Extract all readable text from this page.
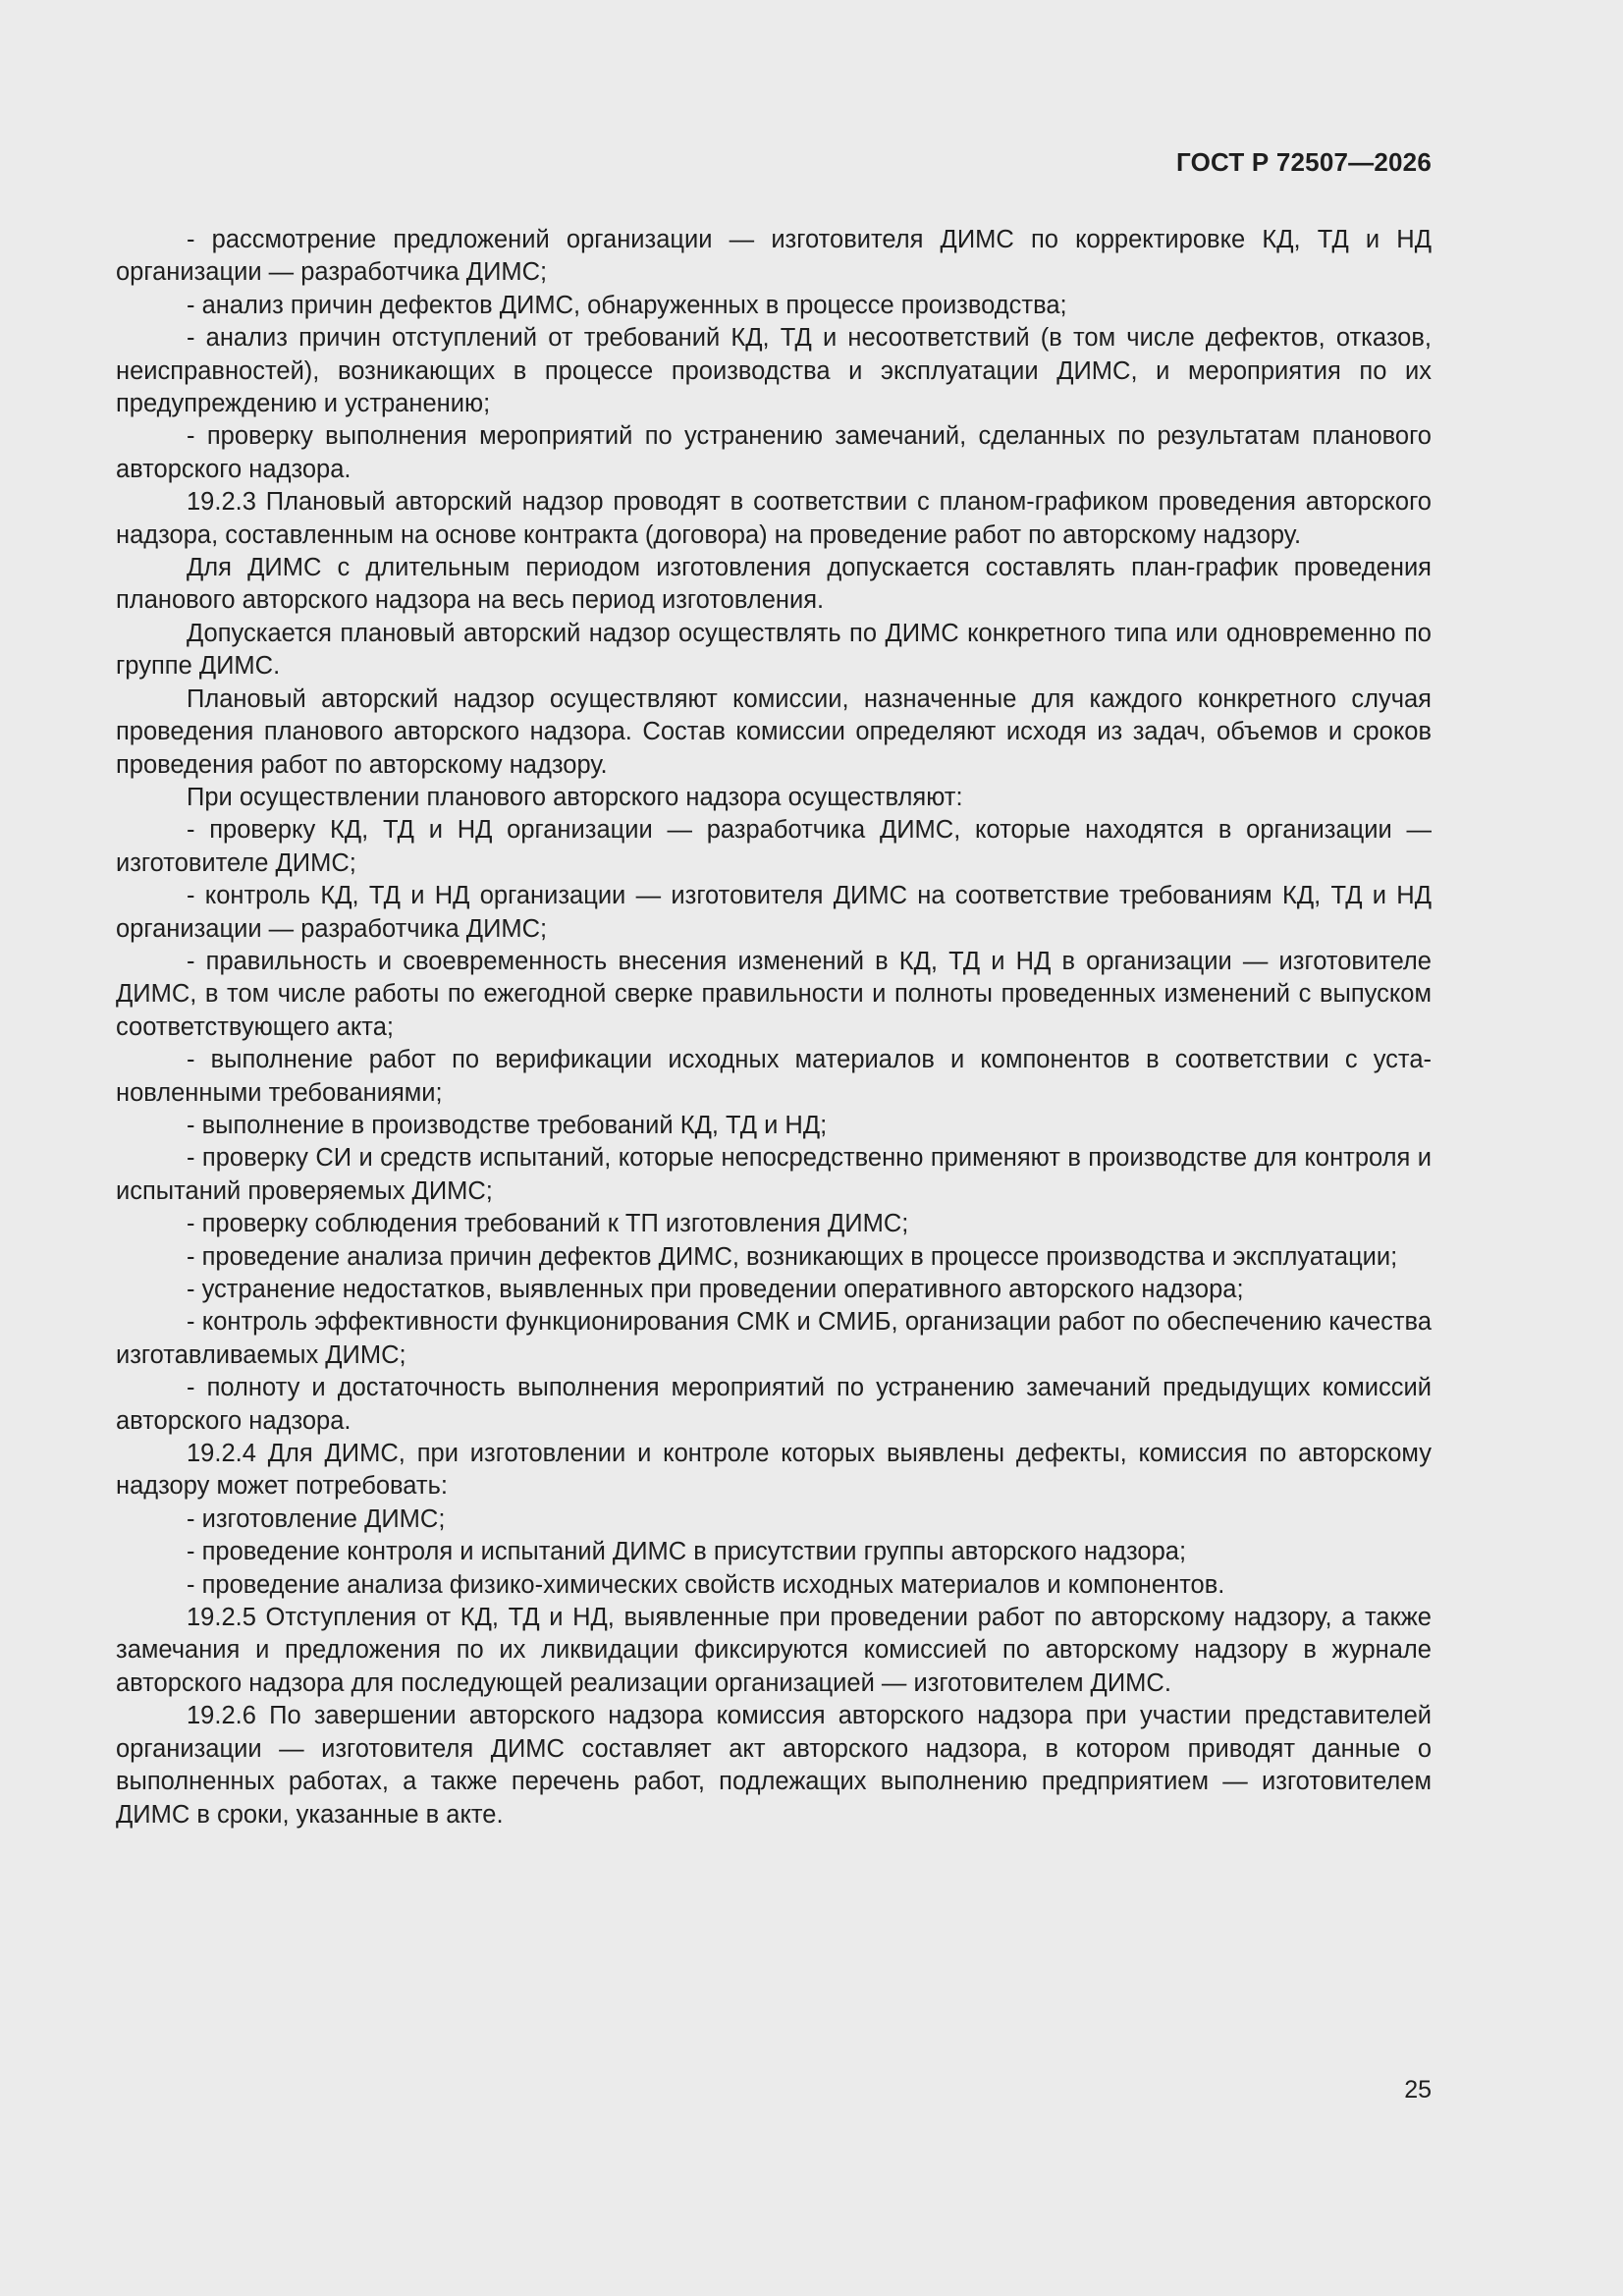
ГОСТ Р 72507—2026

- рассмотрение предложений организации — изготовителя ДИМС по корректировке КД, ТД и НД организации — разработчика ДИМС;

- анализ причин дефектов ДИМС, обнаруженных в процессе производства;

- анализ причин отступлений от требований КД, ТД и несоответствий (в том числе дефектов, отказов, неисправностей), возникающих в процессе производства и эксплуатации ДИМС, и мероприятия по их предупреждению и устранению;

- проверку выполнения мероприятий по устранению замечаний, сделанных по результатам планового авторского надзора.

19.2.3 Плановый авторский надзор проводят в соответствии с планом-графиком проведения авторского надзора, составленным на основе контракта (договора) на проведение работ по авторскому надзору.

Для ДИМС с длительным периодом изготовления допускается составлять план-график проведения планового авторского надзора на весь период изготовления.

Допускается плановый авторский надзор осуществлять по ДИМС конкретного типа или одновременно по группе ДИМС.

Плановый авторский надзор осуществляют комиссии, назначенные для каждого конкретного случая проведения планового авторского надзора. Состав комиссии определяют исходя из задач, объемов и сроков проведения работ по авторскому надзору.

При осуществлении планового авторского надзора осуществляют:

- проверку КД, ТД и НД организации — разработчика ДИМС, которые находятся в организации — изготовителе ДИМС;

- контроль КД, ТД и НД организации — изготовителя ДИМС на соответствие требованиям КД, ТД и НД организации — разработчика ДИМС;

- правильность и своевременность внесения изменений в КД, ТД и НД в организации — изготовителе ДИМС, в том числе работы по ежегодной сверке правильности и полноты проведенных изменений с выпуском соответствующего акта;

- выполнение работ по верификации исходных материалов и компонентов в соответствии с установленными требованиями;

- выполнение в производстве требований КД, ТД и НД;

- проверку СИ и средств испытаний, которые непосредственно применяют в производстве для контроля и испытаний проверяемых ДИМС;

- проверку соблюдения требований к ТП изготовления ДИМС;

- проведение анализа причин дефектов ДИМС, возникающих в процессе производства и эксплуатации;

- устранение недостатков, выявленных при проведении оперативного авторского надзора;

- контроль эффективности функционирования СМК и СМИБ, организации работ по обеспечению качества изготавливаемых ДИМС;

- полноту и достаточность выполнения мероприятий по устранению замечаний предыдущих комиссий авторского надзора.

19.2.4 Для ДИМС, при изготовлении и контроле которых выявлены дефекты, комиссия по авторскому надзору может потребовать:

- изготовление ДИМС;

- проведение контроля и испытаний ДИМС в присутствии группы авторского надзора;

- проведение анализа физико-химических свойств исходных материалов и компонентов.

19.2.5 Отступления от КД, ТД и НД, выявленные при проведении работ по авторскому надзору, а также замечания и предложения по их ликвидации фиксируются комиссией по авторскому надзору в журнале авторского надзора для последующей реализации организацией — изготовителем ДИМС.

19.2.6 По завершении авторского надзора комиссия авторского надзора при участии представителей организации — изготовителя ДИМС составляет акт авторского надзора, в котором приводят данные о выполненных работах, а также перечень работ, подлежащих выполнению предприятием — изготовителем ДИМС в сроки, указанные в акте.

25
